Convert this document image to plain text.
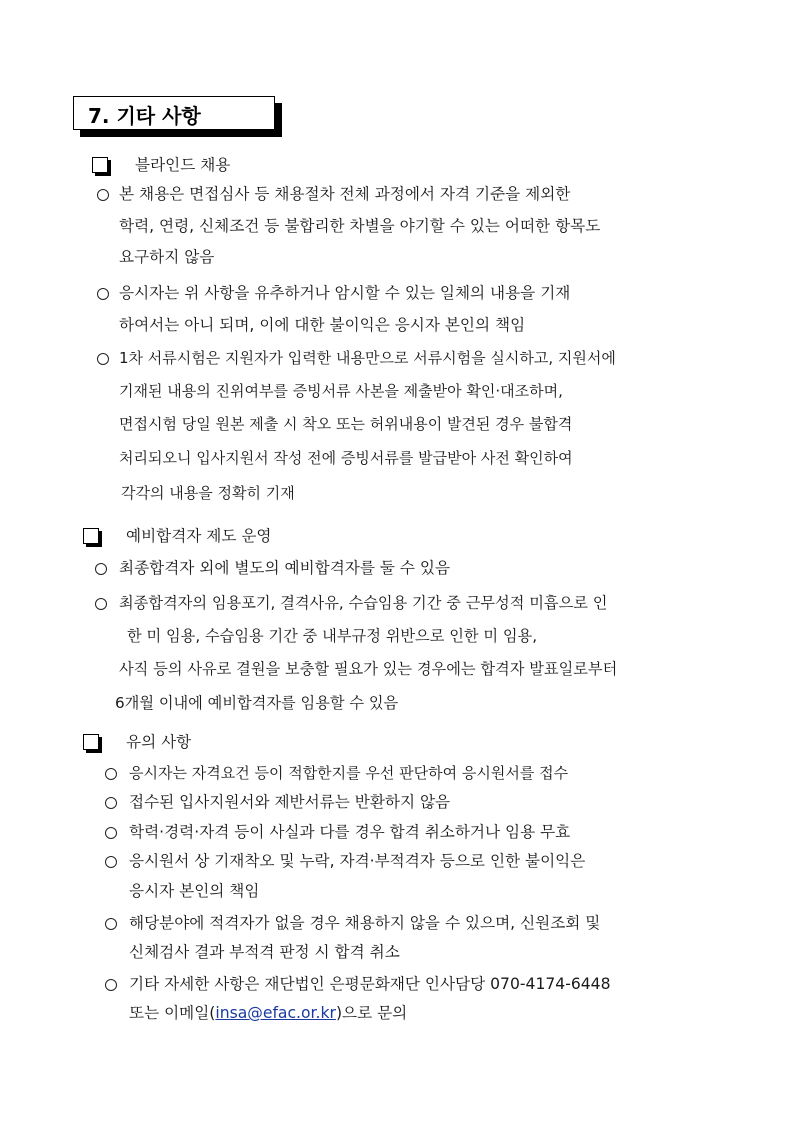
7. 기타 사항
블라인드 채용
본 채용은 면접심사 등 채용절차 전체 과정에서 자격 기준을 제외한
학력, 연령, 신체조건 등 불합리한 차별을 야기할 수 있는 어떠한 항목도
요구하지 않음
응시자는 위 사항을 유추하거나 암시할 수 있는 일체의 내용을 기재
하여서는 아니 되며, 이에 대한 불이익은 응시자 본인의 책임
1차 서류시험은 지원자가 입력한 내용만으로 서류시험을 실시하고, 지원서에
기재된 내용의 진위여부를 증빙서류 사본을 제출받아 확인·대조하며,
면접시험 당일 원본 제출 시 착오 또는 허위내용이 발견된 경우 불합격
처리되오니 입사지원서 작성 전에 증빙서류를 발급받아 사전 확인하여
각각의 내용을 정확히 기재
예비합격자 제도 운영
최종합격자 외에 별도의 예비합격자를 둘 수 있음
최종합격자의 임용포기, 결격사유, 수습임용 기간 중 근무성적 미흡으로 인
한 미 임용, 수습임용 기간 중 내부규정 위반으로 인한 미 임용,
사직 등의 사유로 결원을 보충할 필요가 있는 경우에는 합격자 발표일로부터
6개월 이내에 예비합격자를 임용할 수 있음
유의 사항
응시자는 자격요건 등이 적합한지를 우선 판단하여 응시원서를 접수
접수된 입사지원서와 제반서류는 반환하지 않음
학력·경력·자격 등이 사실과 다를 경우 합격 취소하거나 임용 무효
응시원서 상 기재착오 및 누락, 자격·부적격자 등으로 인한 불이익은
응시자 본인의 책임
해당분야에 적격자가 없을 경우 채용하지 않을 수 있으며, 신원조회 및
신체검사 결과 부적격 판정 시 합격 취소
기타 자세한 사항은 재단법인 은평문화재단 인사담당 070-4174-6448
또는 이메일(insa@efac.or.kr)으로 문의
